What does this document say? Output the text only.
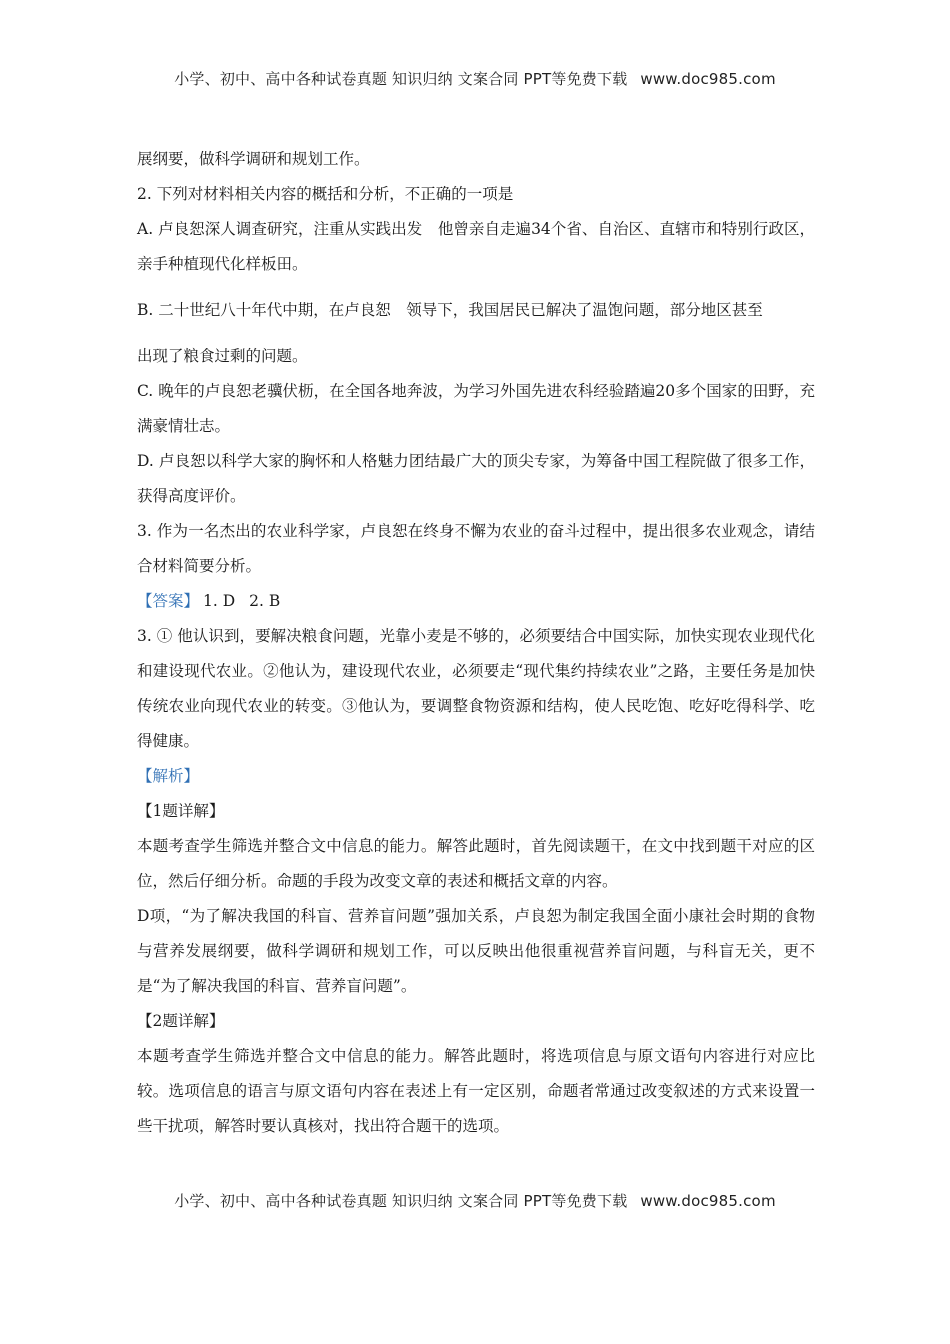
小学、初中、高中各种试卷真题 知识归纳 文案合同 PPT等免费下载 www.doc985.com

展纲要，做科学调研和规划工作。

2. 下列对材料相关内容的概括和分析，不正确的一项是

A. 卢良恕深人调查研究，注重从实践出发　他曾亲自走遍34个省、自治区、直辖市和特别行政区，亲手种植现代化样板田。

B. 二十世纪八十年代中期，在卢良恕　领导下，我国居民已解决了温饱问题，部分地区甚至

出现了粮食过剩的问题。

C. 晚年的卢良恕老骥伏枥，在全国各地奔波，为学习外国先进农科经验踏遍20多个国家的田野，充满豪情壮志。

D. 卢良恕以科学大家的胸怀和人格魅力团结最广大的顶尖专家，为筹备中国工程院做了很多工作，获得高度评价。

3. 作为一名杰出的农业科学家，卢良恕在终身不懈为农业的奋斗过程中，提出很多农业观念，请结合材料简要分析。

【答案】 1. D 2. B

3. ① 他认识到，要解决粮食问题，光靠小麦是不够的，必须要结合中国实际，加快实现农业现代化和建设现代农业。②他认为，建设现代农业，必须要走“现代集约持续农业”之路，主要任务是加快传统农业向现代农业的转变。③他认为，要调整食物资源和结构，使人民吃饱、吃好吃得科学、吃得健康。

【解析】

【1题详解】

本题考查学生筛选并整合文中信息的能力。解答此题时，首先阅读题干，在文中找到题干对应的区位，然后仔细分析。命题的手段为改变文章的表述和概括文章的内容。

D项，“为了解决我国的科盲、营养盲问题”强加关系，卢良恕为制定我国全面小康社会时期的食物与营养发展纲要，做科学调研和规划工作，可以反映出他很重视营养盲问题，与科盲无关，更不是“为了解决我国的科盲、营养盲问题”。

【2题详解】

本题考查学生筛选并整合文中信息的能力。解答此题时，将选项信息与原文语句内容进行对应比较。选项信息的语言与原文语句内容在表述上有一定区别，命题者常通过改变叙述的方式来设置一些干扰项，解答时要认真核对，找出符合题干的选项。

小学、初中、高中各种试卷真题 知识归纳 文案合同 PPT等免费下载 www.doc985.com
